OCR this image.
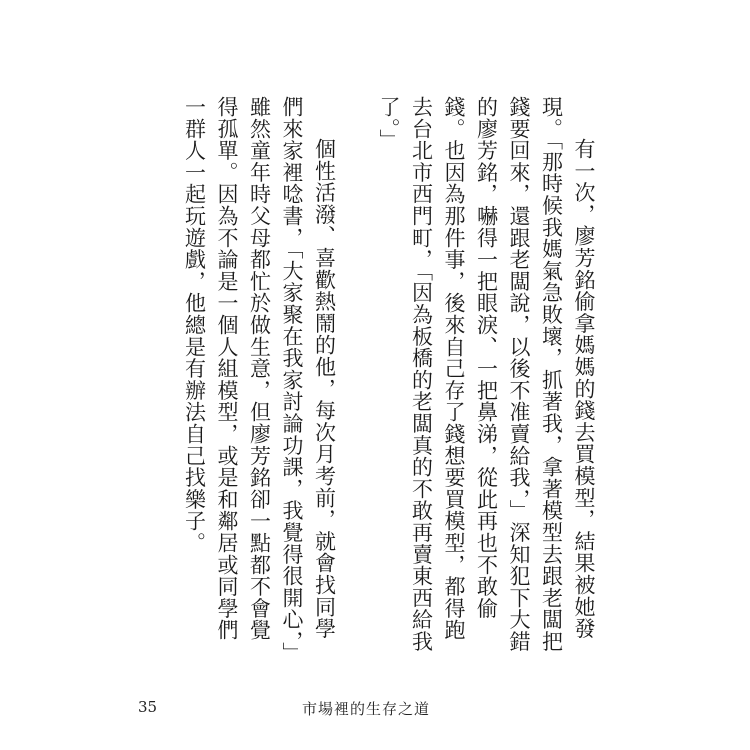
有一次，廖芳銘偷拿媽媽的錢去買模型，結果被她發現。「那時候我媽氣急敗壞，抓著我，拿著模型去跟老闆把錢要回來，還跟老闆說，以後不准賣給我，」深知犯下大錯的廖芳銘，嚇得一把眼淚、一把鼻涕，從此再也不敢偷錢。也因為那件事，後來自己存了錢想要買模型，都得跑去台北市西門町，「因為板橋的老闆真的不敢再賣東西給我了。」

個性活潑、喜歡熱鬧的他，每次月考前，就會找同學們來家裡唸書，「大家聚在我家討論功課，我覺得很開心，」雖然童年時父母都忙於做生意，但廖芳銘卻一點都不會覺得孤單。因為不論是一個人組模型，或是和鄰居或同學們一群人一起玩遊戲，他總是有辦法自己找樂子。

35	市場裡的生存之道
